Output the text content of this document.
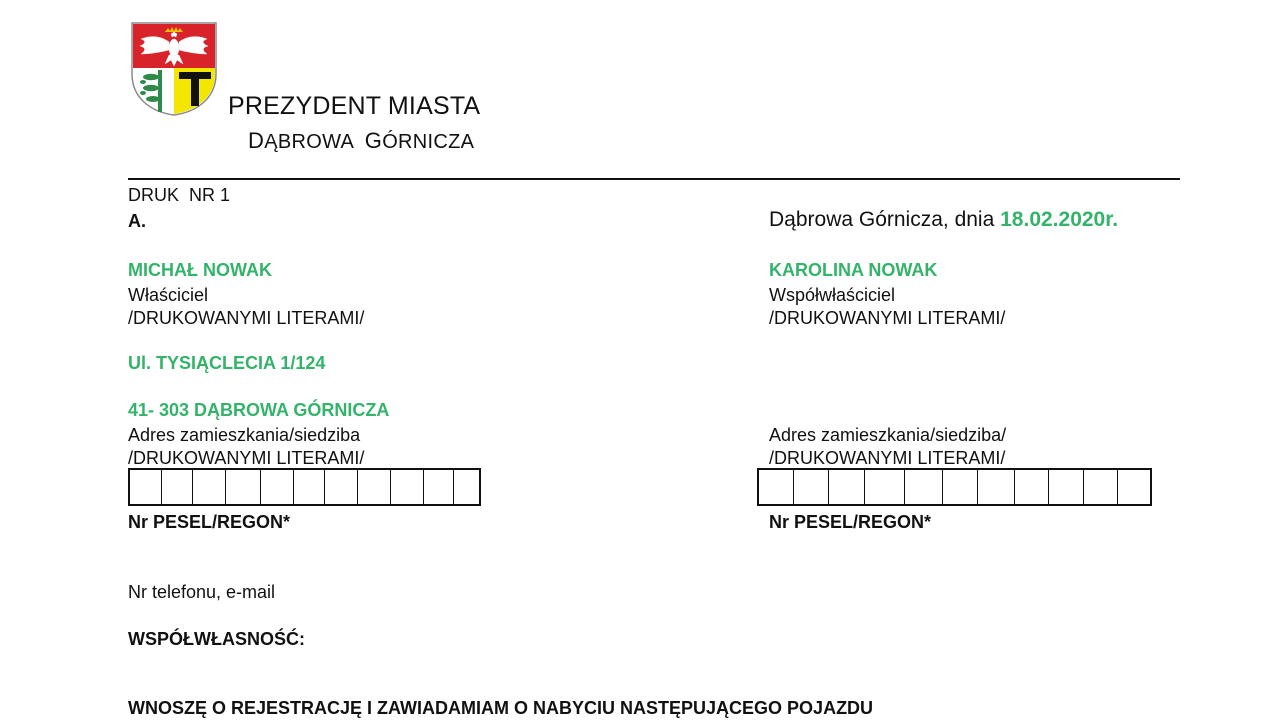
PREZYDENT MIASTA
DĄBROWA GÓRNICZA
DRUK  NR 1
A.	Dąbrowa Górnicza, dnia 18.02.2020r.
MICHAŁ NOWAK
Właściciel
/DRUKOWANYMI LITERAMI/
Ul. TYSIĄCLECIA 1/124
41- 303 DĄBROWA GÓRNICZA
Adres zamieszkania/siedziba
/DRUKOWANYMI LITERAMI/
Nr PESEL/REGON*
KAROLINA NOWAK
Współwłaściciel
/DRUKOWANYMI LITERAMI/
Adres zamieszkania/siedziba/
/DRUKOWANYMI LITERAMI/
Nr PESEL/REGON*
Nr telefonu, e-mail
WSPÓŁWŁASNOŚĆ:
WNOSZĘ O REJESTRACJĘ I ZAWIADAMIAM O NABYCIU NASTĘPUJĄCEGO POJAZDU
